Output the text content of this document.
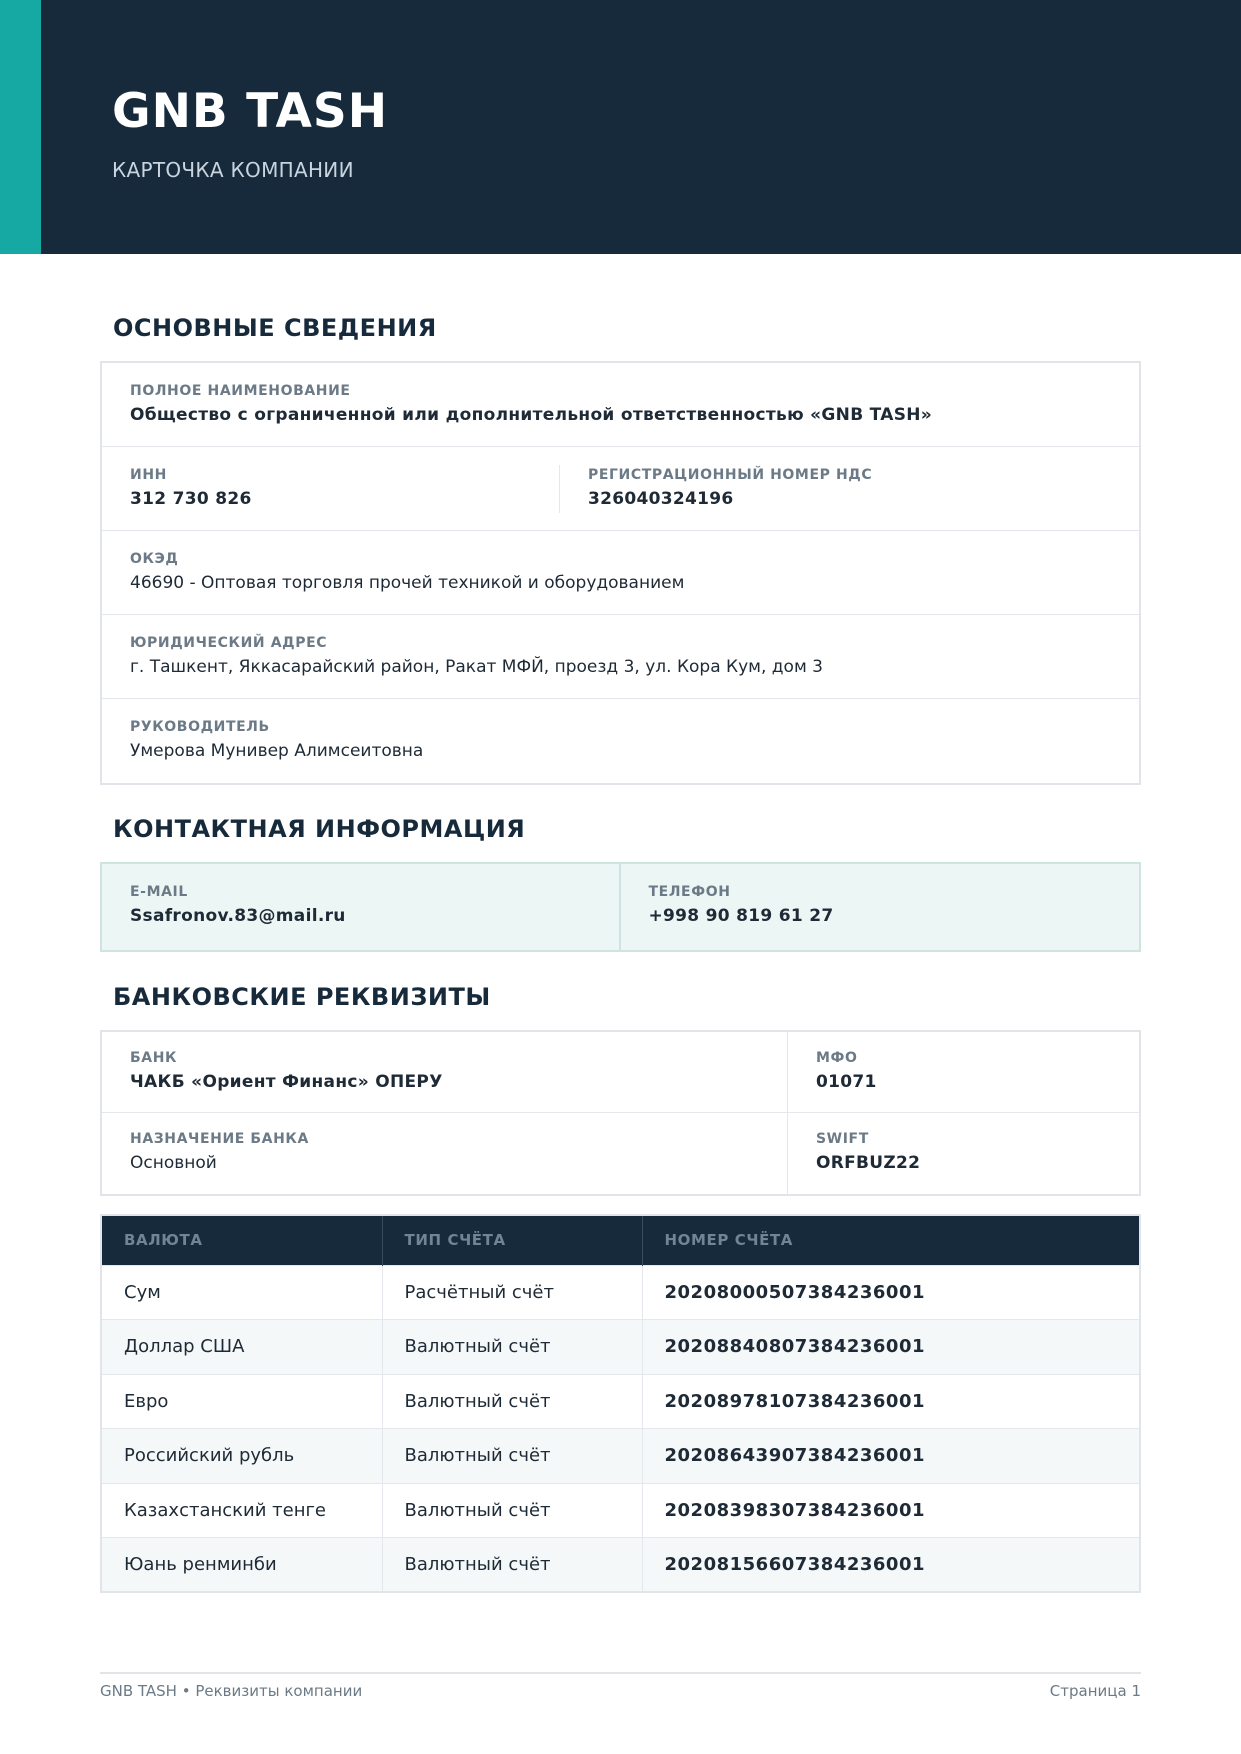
GNB TASH
КАРТОЧКА КОМПАНИИ
ОСНОВНЫЕ СВЕДЕНИЯ
ПОЛНОЕ НАИМЕНОВАНИЕ
Общество с ограниченной или дополнительной ответственностью «GNB TASH»
ИНН
312 730 826
РЕГИСТРАЦИОННЫЙ НОМЕР НДС
326040324196
ОКЭД
46690 - Оптовая торговля прочей техникой и оборудованием
ЮРИДИЧЕСКИЙ АДРЕС
г. Ташкент, Яккасарайский район, Ракат МФЙ, проезд 3, ул. Кора Кум, дом 3
РУКОВОДИТЕЛЬ
Умерова Мунивер Алимсеитовна
КОНТАКТНАЯ ИНФОРМАЦИЯ
E-MAIL
Ssafronov.83@mail.ru
ТЕЛЕФОН
+998 90 819 61 27
БАНКОВСКИЕ РЕКВИЗИТЫ
БАНК
ЧАКБ «Ориент Финанс» ОПЕРУ
МФО
01071
НАЗНАЧЕНИЕ БАНКА
Основной
SWIFT
ORFBUZ22
ВАЛЮТА	ТИП СЧЁТА	НОМЕР СЧЁТА
Сум	Расчётный счёт	20208000507384236001
Доллар США	Валютный счёт	20208840807384236001
Евро	Валютный счёт	20208978107384236001
Российский рубль	Валютный счёт	20208643907384236001
Казахстанский тенге	Валютный счёт	20208398307384236001
Юань ренминби	Валютный счёт	20208156607384236001
GNB TASH • Реквизиты компании	Страница 1
